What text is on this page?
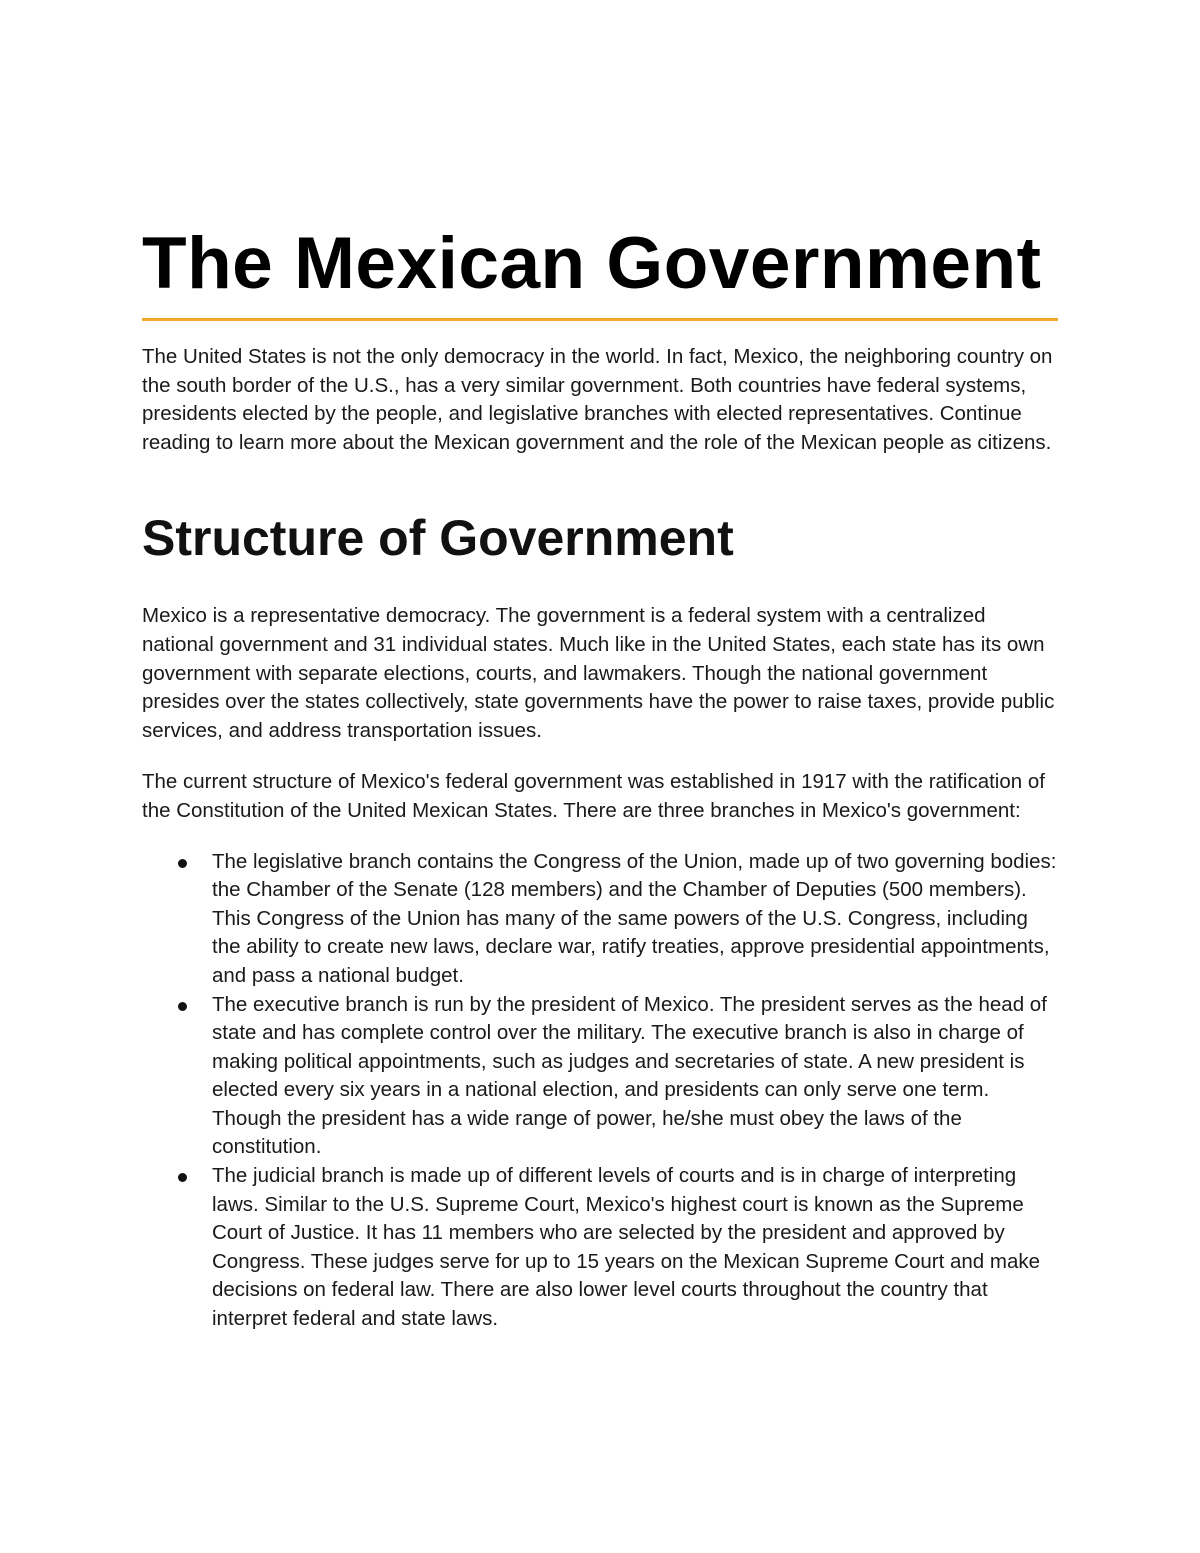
The Mexican Government

The United States is not the only democracy in the world. In fact, Mexico, the neighboring country on the south border of the U.S., has a very similar government. Both countries have federal systems, presidents elected by the people, and legislative branches with elected representatives. Continue reading to learn more about the Mexican government and the role of the Mexican people as citizens.

Structure of Government

Mexico is a representative democracy. The government is a federal system with a centralized national government and 31 individual states. Much like in the United States, each state has its own government with separate elections, courts, and lawmakers. Though the national government presides over the states collectively, state governments have the power to raise taxes, provide public services, and address transportation issues.

The current structure of Mexico's federal government was established in 1917 with the ratification of the Constitution of the United Mexican States. There are three branches in Mexico's government:

The legislative branch contains the Congress of the Union, made up of two governing bodies: the Chamber of the Senate (128 members) and the Chamber of Deputies (500 members). This Congress of the Union has many of the same powers of the U.S. Congress, including the ability to create new laws, declare war, ratify treaties, approve presidential appointments, and pass a national budget.
The executive branch is run by the president of Mexico. The president serves as the head of state and has complete control over the military. The executive branch is also in charge of making political appointments, such as judges and secretaries of state. A new president is elected every six years in a national election, and presidents can only serve one term. Though the president has a wide range of power, he/she must obey the laws of the constitution.
The judicial branch is made up of different levels of courts and is in charge of interpreting laws. Similar to the U.S. Supreme Court, Mexico's highest court is known as the Supreme Court of Justice. It has 11 members who are selected by the president and approved by Congress. These judges serve for up to 15 years on the Mexican Supreme Court and make decisions on federal law. There are also lower level courts throughout the country that interpret federal and state laws.
